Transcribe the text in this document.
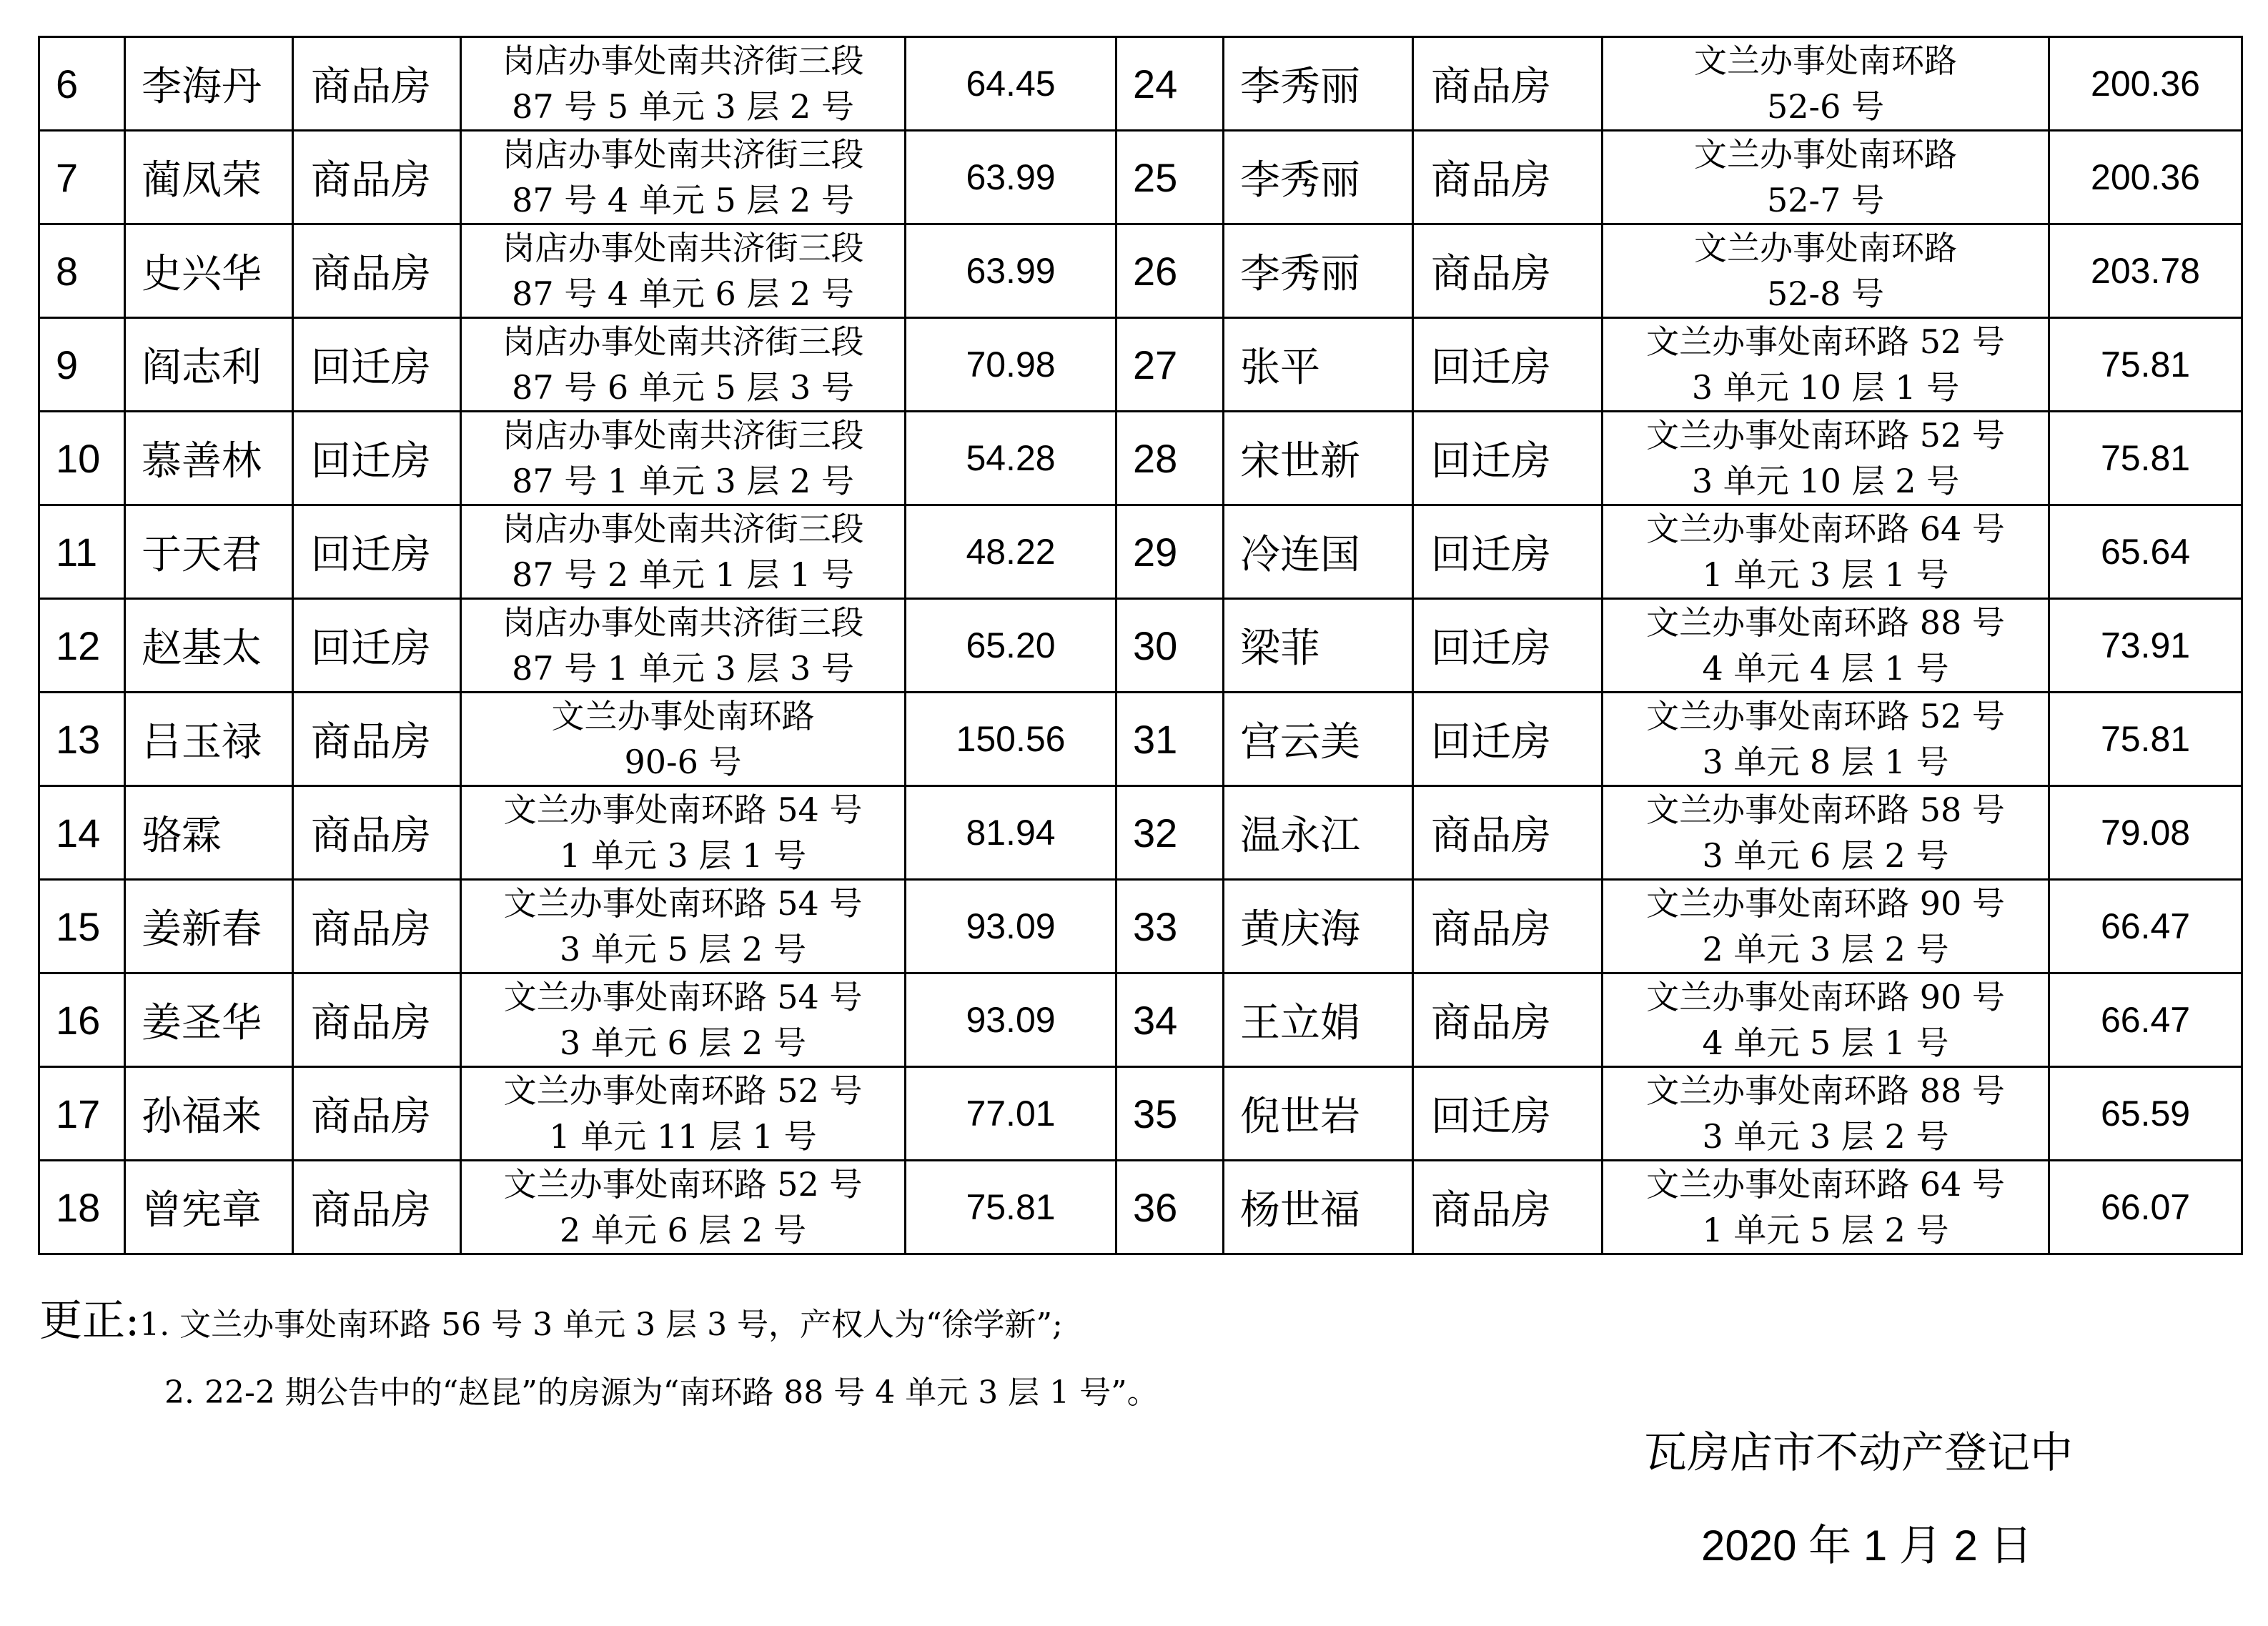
6	李海丹	商品房	岗店办事处南共济街三段
87 号 5 单元 3 层 2 号	64.45	24	李秀丽	商品房	文兰办事处南环路
52-6 号	200.36
7	蔺凤荣	商品房	岗店办事处南共济街三段
87 号 4 单元 5 层 2 号	63.99	25	李秀丽	商品房	文兰办事处南环路
52-7 号	200.36
8	史兴华	商品房	岗店办事处南共济街三段
87 号 4 单元 6 层 2 号	63.99	26	李秀丽	商品房	文兰办事处南环路
52-8 号	203.78
9	阎志利	回迁房	岗店办事处南共济街三段
87 号 6 单元 5 层 3 号	70.98	27	张平	回迁房	文兰办事处南环路 52 号
3 单元 10 层 1 号	75.81
10	慕善林	回迁房	岗店办事处南共济街三段
87 号 1 单元 3 层 2 号	54.28	28	宋世新	回迁房	文兰办事处南环路 52 号
3 单元 10 层 2 号	75.81
11	于天君	回迁房	岗店办事处南共济街三段
87 号 2 单元 1 层 1 号	48.22	29	冷连国	回迁房	文兰办事处南环路 64 号
1 单元 3 层 1 号	65.64
12	赵基太	回迁房	岗店办事处南共济街三段
87 号 1 单元 3 层 3 号	65.20	30	梁菲	回迁房	文兰办事处南环路 88 号
4 单元 4 层 1 号	73.91
13	吕玉禄	商品房	文兰办事处南环路
90-6 号	150.56	31	宫云美	回迁房	文兰办事处南环路 52 号
3 单元 8 层 1 号	75.81
14	骆霖	商品房	文兰办事处南环路 54 号
1 单元 3 层 1 号	81.94	32	温永江	商品房	文兰办事处南环路 58 号
3 单元 6 层 2 号	79.08
15	姜新春	商品房	文兰办事处南环路 54 号
3 单元 5 层 2 号	93.09	33	黄庆海	商品房	文兰办事处南环路 90 号
2 单元 3 层 2 号	66.47
16	姜圣华	商品房	文兰办事处南环路 54 号
3 单元 6 层 2 号	93.09	34	王立娟	商品房	文兰办事处南环路 90 号
4 单元 5 层 1 号	66.47
17	孙福来	商品房	文兰办事处南环路 52 号
1 单元 11 层 1 号	77.01	35	倪世岩	回迁房	文兰办事处南环路 88 号
3 单元 3 层 2 号	65.59
18	曾宪章	商品房	文兰办事处南环路 52 号
2 单元 6 层 2 号	75.81	36	杨世福	商品房	文兰办事处南环路 64 号
1 单元 5 层 2 号	66.07
更正:1. 文兰办事处南环路 56 号 3 单元 3 层 3 号，产权人为“徐学新”;
2. 22-2 期公告中的“赵昆”的房源为“南环路 88 号 4 单元 3 层 1 号”。
瓦房店市不动产登记中
2020 年 1 月 2 日
